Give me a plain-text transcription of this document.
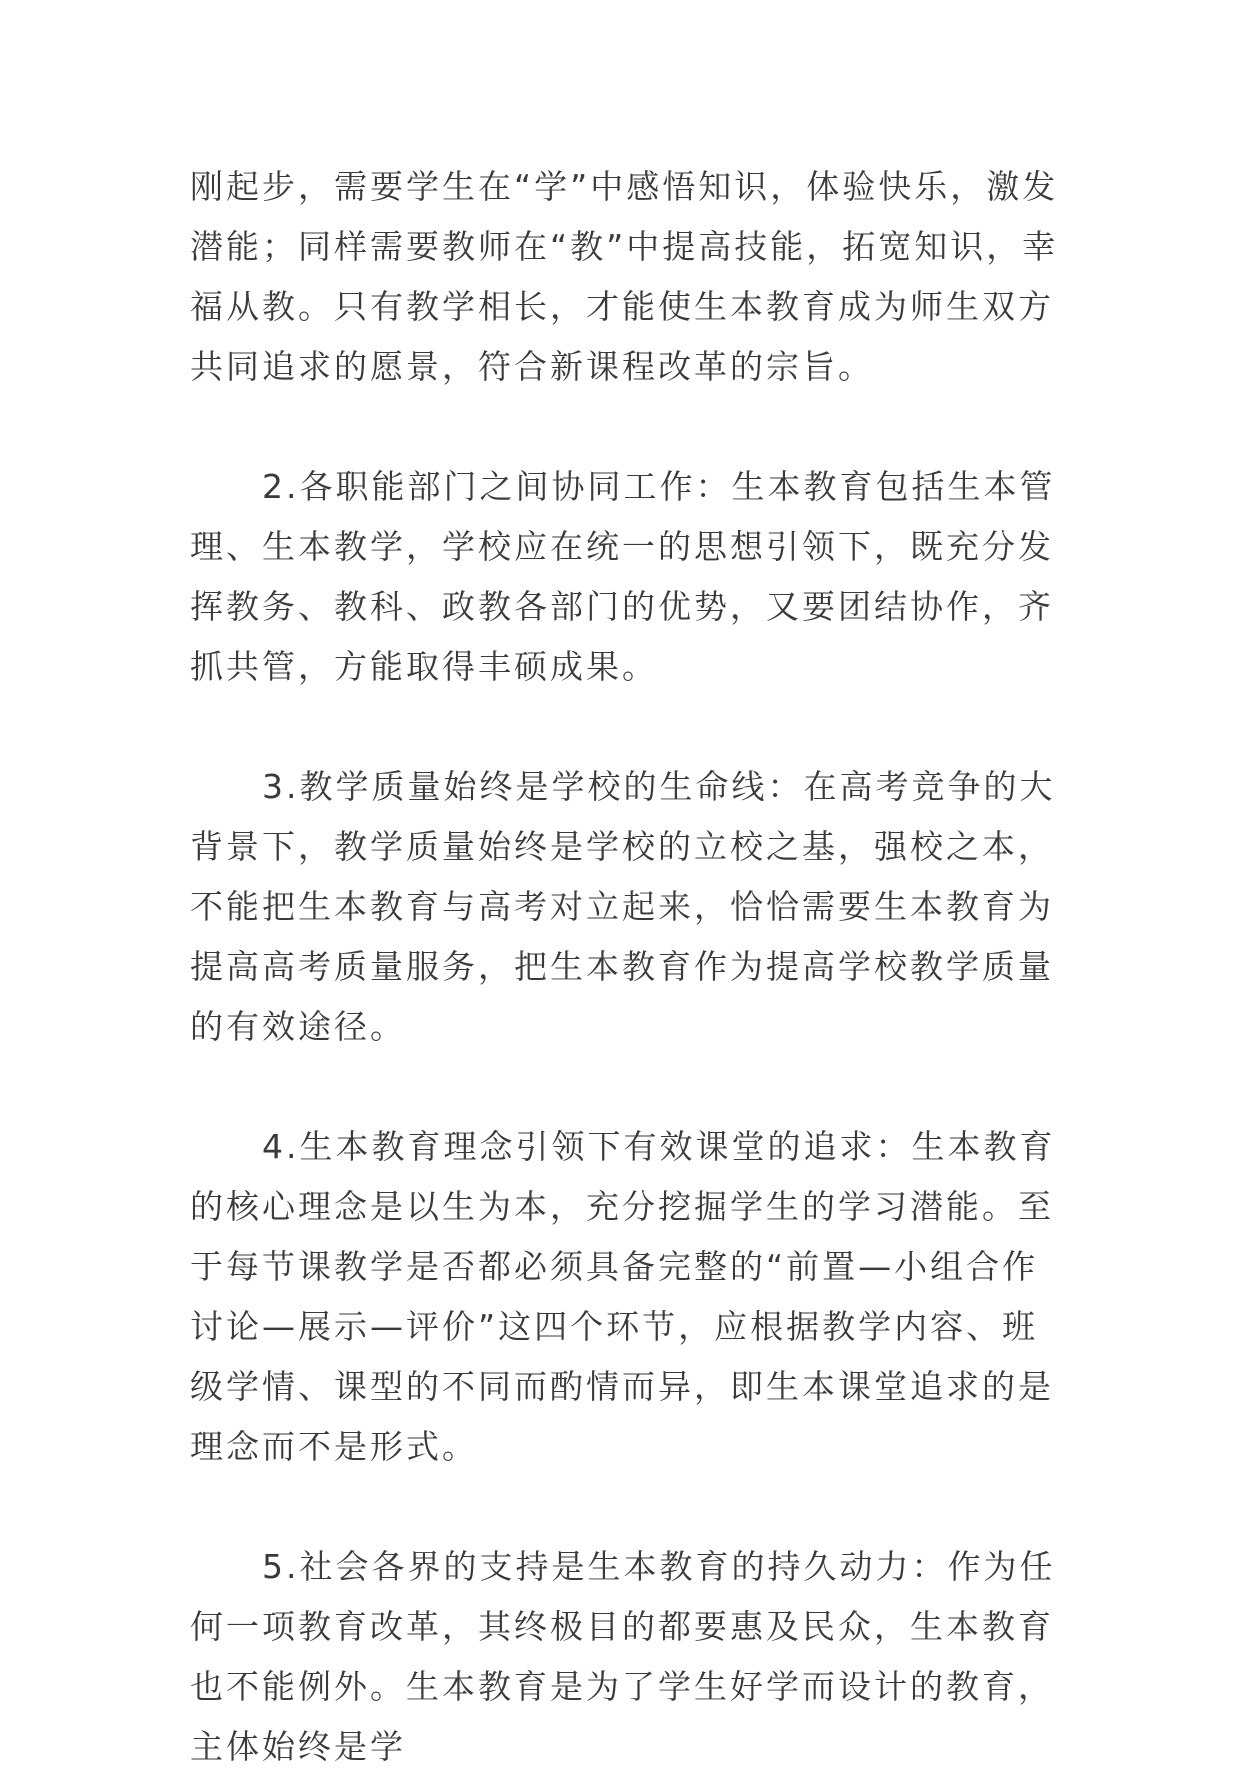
刚起步，需要学生在“学”中感悟知识，体验快乐，激发潜能；同样需要教师在“教”中提高技能，拓宽知识，幸福从教。只有教学相长，才能使生本教育成为师生双方共同追求的愿景，符合新课程改革的宗旨。

　　2.各职能部门之间协同工作：生本教育包括生本管理、生本教学，学校应在统一的思想引领下，既充分发挥教务、教科、政教各部门的优势，又要团结协作，齐抓共管，方能取得丰硕成果。

　　3.教学质量始终是学校的生命线：在高考竞争的大背景下，教学质量始终是学校的立校之基，强校之本，不能把生本教育与高考对立起来，恰恰需要生本教育为提高高考质量服务，把生本教育作为提高学校教学质量的有效途径。

　　4.生本教育理念引领下有效课堂的追求：生本教育的核心理念是以生为本，充分挖掘学生的学习潜能。至于每节课教学是否都必须具备完整的“前置—小组合作讨论—展示—评价”这四个环节，应根据教学内容、班级学情、课型的不同而酌情而异，即生本课堂追求的是理念而不是形式。

　　5.社会各界的支持是生本教育的持久动力：作为任何一项教育改革，其终极目的都要惠及民众，生本教育也不能例外。生本教育是为了学生好学而设计的教育，主体始终是学
